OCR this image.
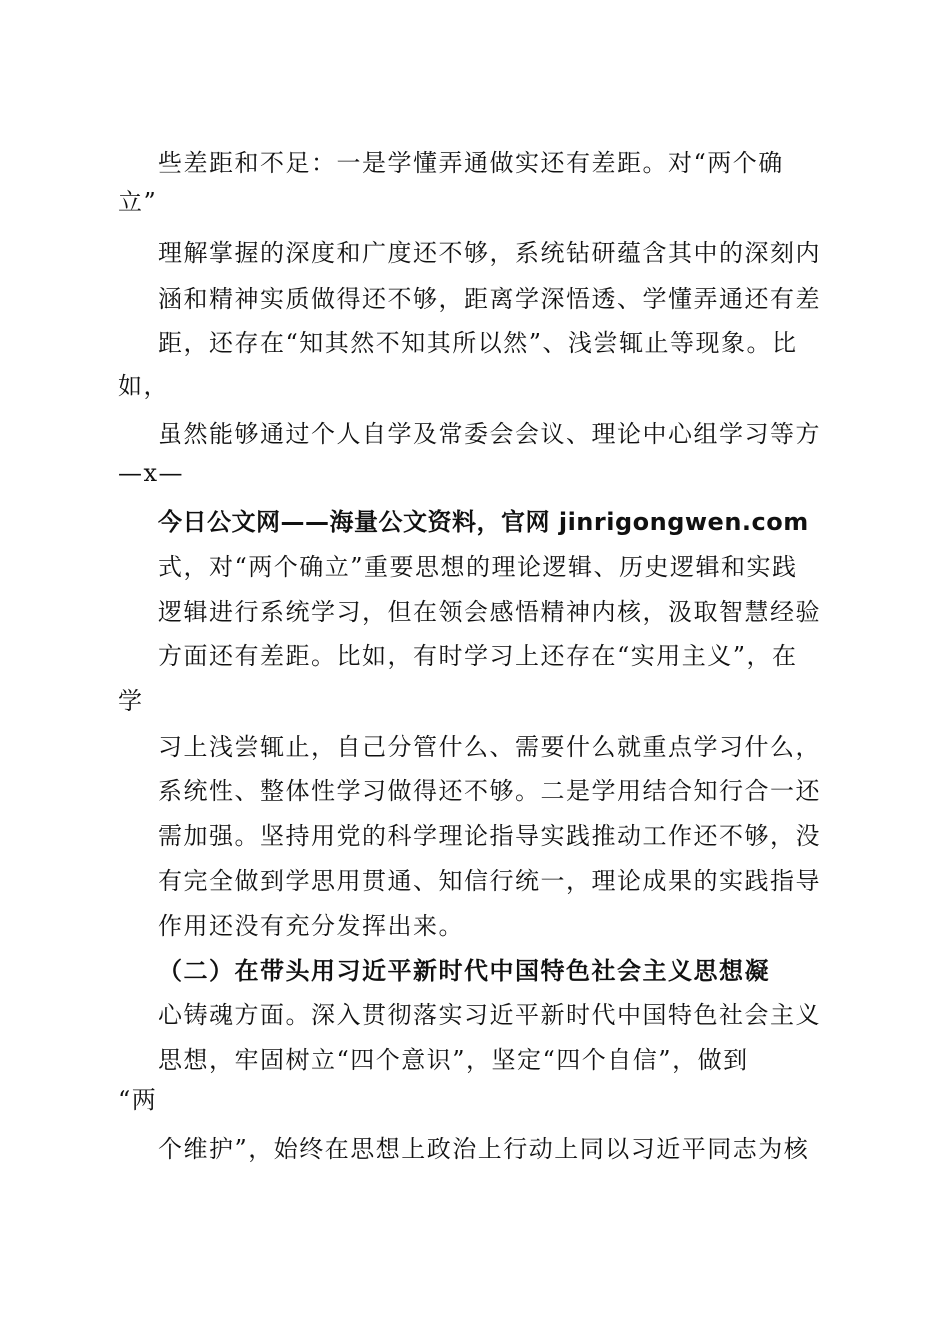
些差距和不足：一是学懂弄通做实还有差距。对“两个确
立”
理解掌握的深度和广度还不够，系统钻研蕴含其中的深刻内
涵和精神实质做得还不够，距离学深悟透、学懂弄通还有差
距，还存在“知其然不知其所以然”、浅尝辄止等现象。比
如，
虽然能够通过个人自学及常委会会议、理论中心组学习等方
—x—
今日公文网——海量公文资料，官网 jinrigongwen.com
式，对“两个确立”重要思想的理论逻辑、历史逻辑和实践
逻辑进行系统学习，但在领会感悟精神内核，汲取智慧经验
方面还有差距。比如，有时学习上还存在“实用主义”，在
学
习上浅尝辄止，自己分管什么、需要什么就重点学习什么，
系统性、整体性学习做得还不够。二是学用结合知行合一还
需加强。坚持用党的科学理论指导实践推动工作还不够，没
有完全做到学思用贯通、知信行统一，理论成果的实践指导
作用还没有充分发挥出来。
（二）在带头用习近平新时代中国特色社会主义思想凝
心铸魂方面。深入贯彻落实习近平新时代中国特色社会主义
思想，牢固树立“四个意识”，坚定“四个自信”，做到
“两
个维护”，始终在思想上政治上行动上同以习近平同志为核
